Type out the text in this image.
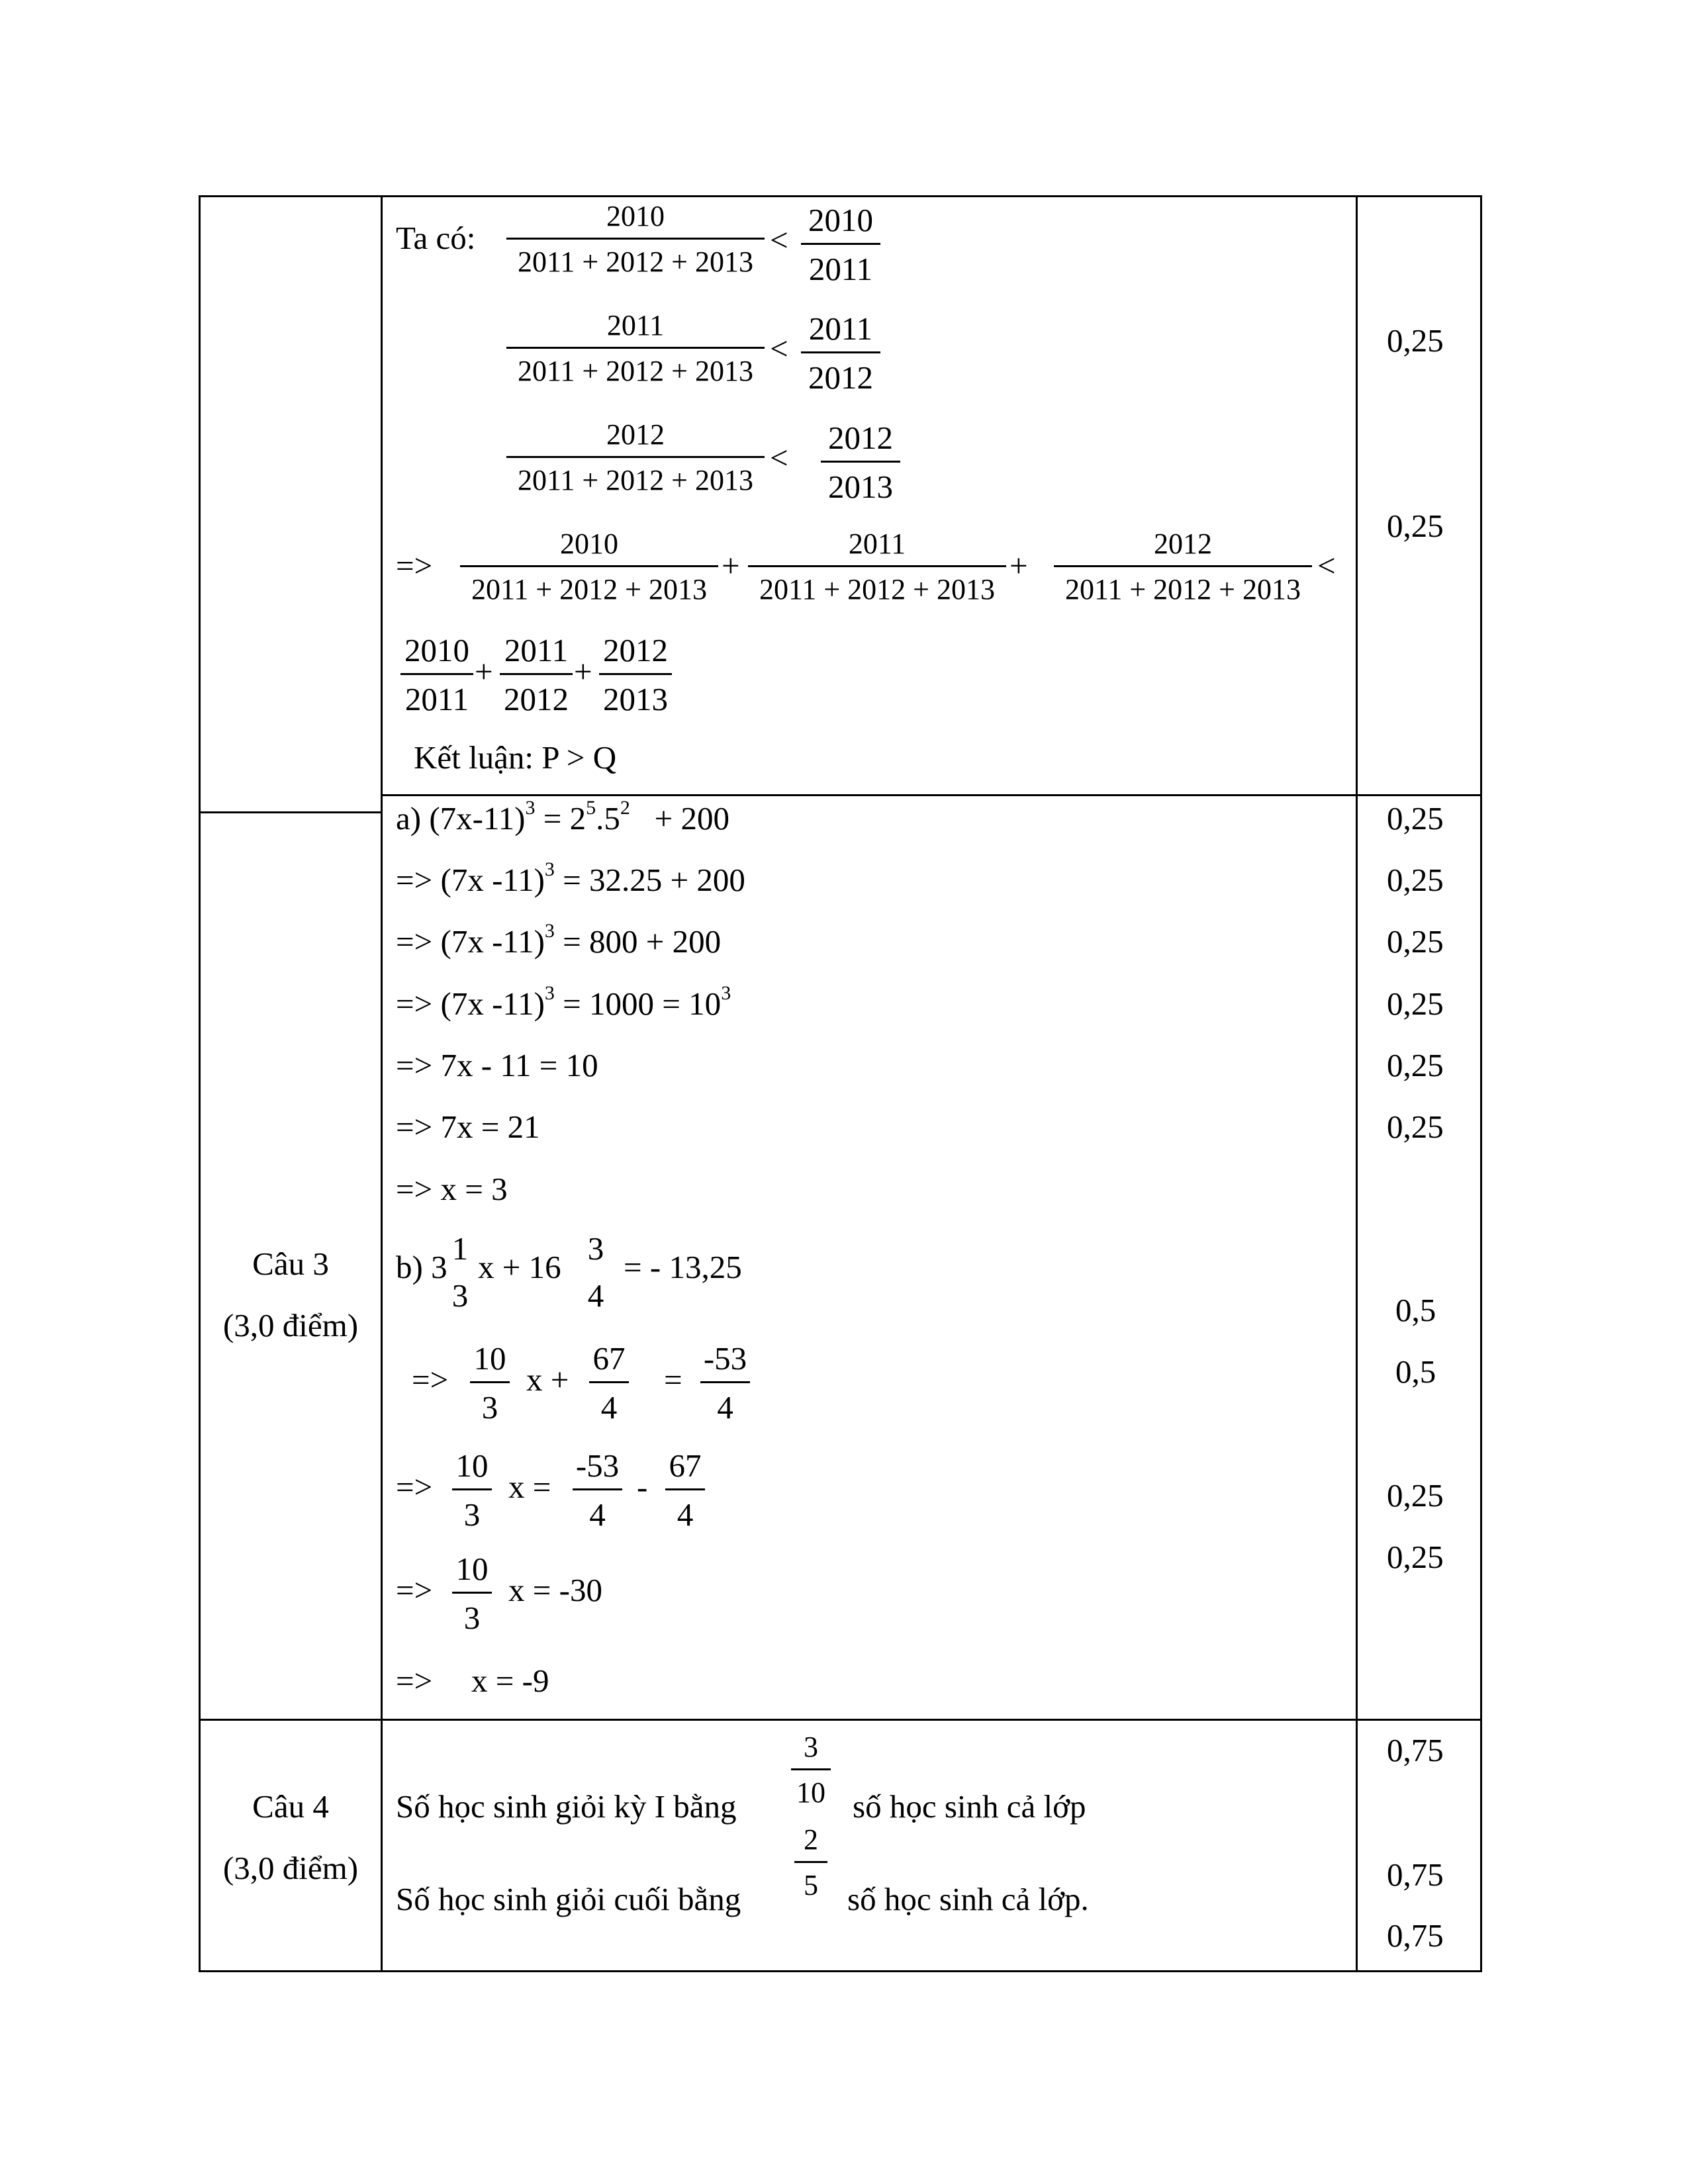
Ta có:
2010
2011 + 2012 + 2013
<
2010
2011
2011
2011 + 2012 + 2013
<
2011
2012
2012
2011 + 2012 + 2013
<
2012
2013
=>
2010
2011 + 2012 + 2013
+
2011
2011 + 2012 + 2013
+
2012
2011 + 2012 + 2013
<
2010
2011
+
2011
2012
+
2012
2013
Kết luận: P > Q
0,25
0,25
Câu 3
(3,0 điểm)
a) $(7x-11)^3 = 2^5.5^2 + 200$
=> (7x -11)$^3$ = 32.25 + 200
=> (7x -11)$^3$ = 800 + 200
=> (7x $-11)^3 = 1000 = 10^3$
=> 7x - 11 = 10
=> 7x = 21
=> x = 3
0,25
0,25
0,25
0,25
0,25
0,25
b) 3
1
3
x + 16
3
4
= - 13,25
=>
10
3
x +
67
4
=
-53
4
=>
10
3
x =
-53
4
-
67
4
=>
10
3
x = -30
=> x = -9
0,5
0,5
0,25
0,25
Câu 4
(3,0 điểm)
Số học sinh giỏi kỳ I bằng
3
10 số học sinh cả lớp
Số học sinh giỏi cuối bằng
2
5 số học sinh cả lớp.
0,75
0,75
0,75
